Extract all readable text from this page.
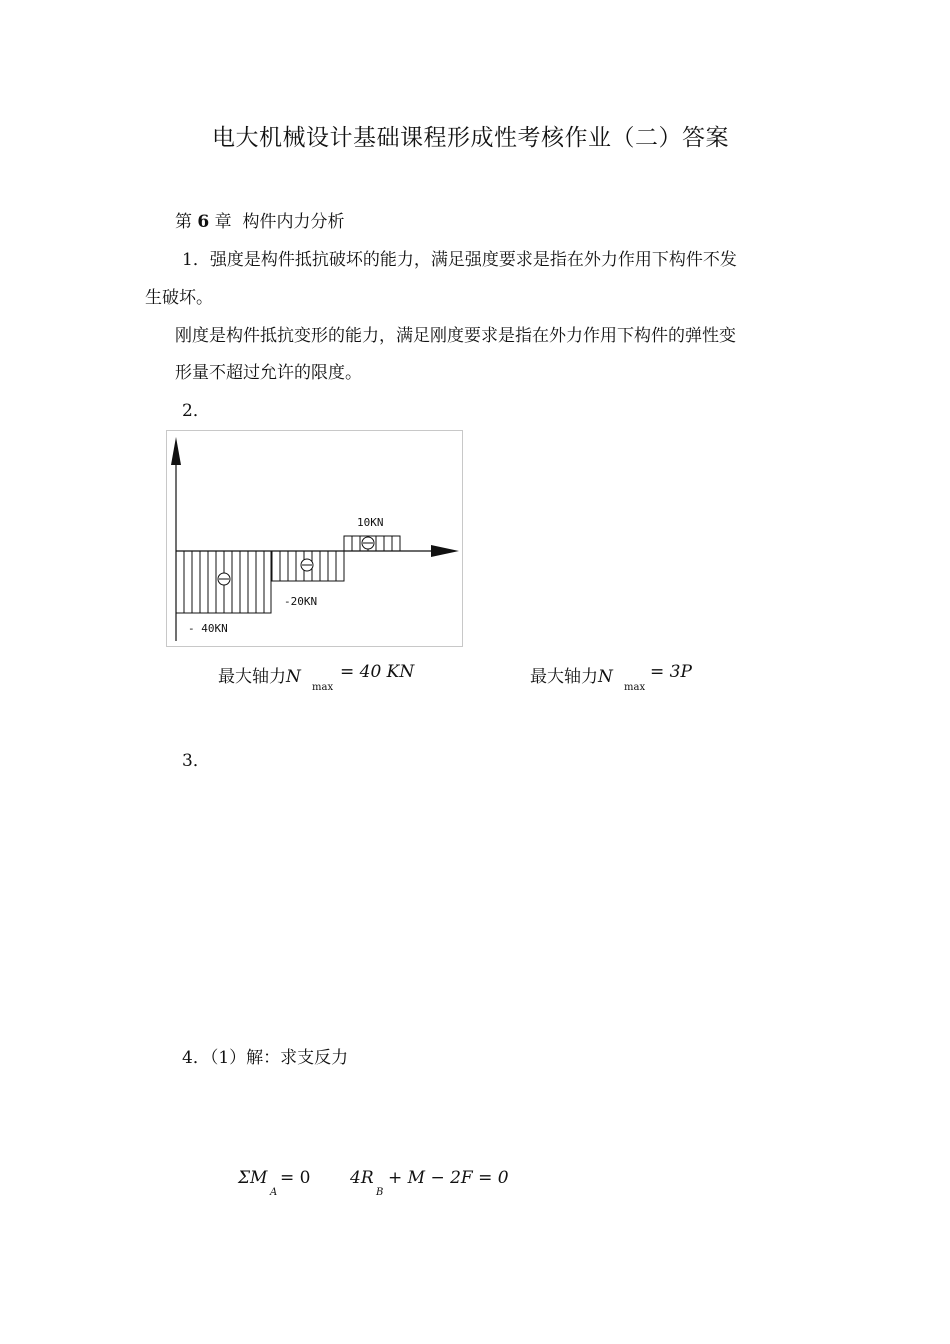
电大机械设计基础课程形成性考核作业（二）答案
第 6 章 构件内力分析
1．强度是构件抵抗破坏的能力，满足强度要求是指在外力作用下构件不发
生破坏。
刚度是构件抵抗变形的能力，满足刚度要求是指在外力作用下构件的弹性变
形量不超过允许的限度。
2．
10KN
-20KN
- 40KN
最大轴力N
max
= 40 KN	最大轴力N
max
= 3P
3．
4．（1）解：求支反力
ΣM
A
= 0 4R
B
+ M − 2F = 0
